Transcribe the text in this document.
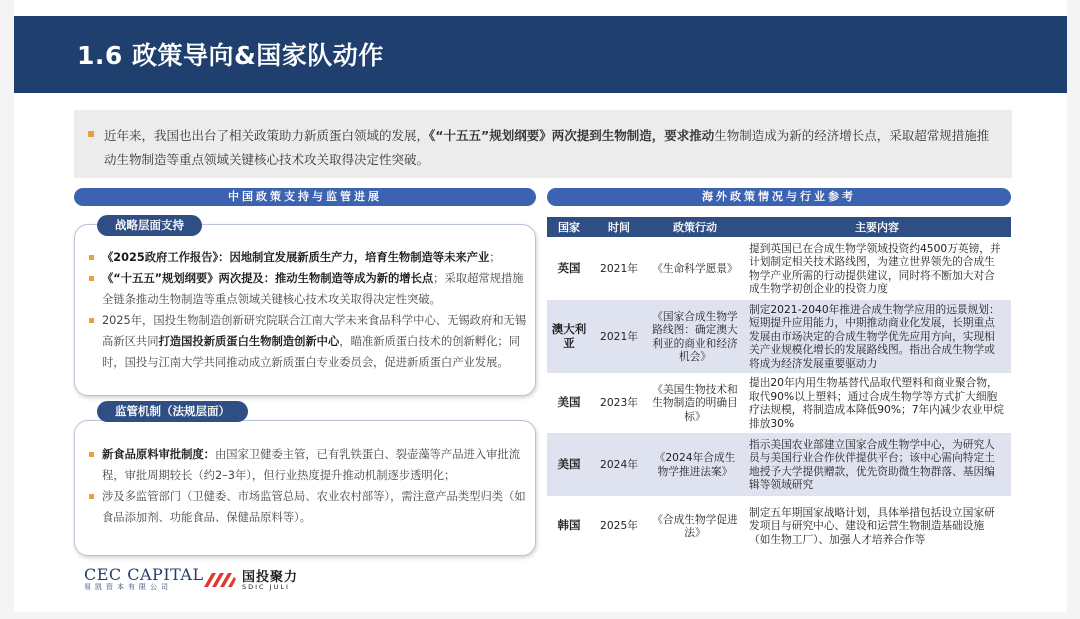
1.6 政策导向&国家队动作
近年来，我国也出台了相关政策助力新质蛋白领域的发展，《“十五五”规划纲要》两次提到生物制造，要求推动生物制造成为新的经济增长点，采取超常规措施推动生物制造等重点领域关键核心技术攻关取得决定性突破。
中国政策支持与监管进展	海外政策情况与行业参考
战略层面支持
《2025政府工作报告》：因地制宜发展新质生产力，培育生物制造等未来产业；
《“十五五”规划纲要》两次提及：推动生物制造等成为新的增长点；采取超常规措施全链条推动生物制造等重点领域关键核心技术攻关取得决定性突破。
2025年，国投生物制造创新研究院联合江南大学未来食品科学中心、无锡政府和无锡高新区共同打造国投新质蛋白生物制造创新中心，瞄准新质蛋白技术的创新孵化；同时，国投与江南大学共同推动成立新质蛋白专业委员会，促进新质蛋白产业发展。
监管机制（法规层面）
新食品原料审批制度：由国家卫健委主管，已有乳铁蛋白、裂壶藻等产品进入审批流程，审批周期较长（约2–3年），但行业热度提升推动机制逐步透明化；
涉及多监管部门（卫健委、市场监管总局、农业农村部等），需注意产品类型归类（如食品添加剂、功能食品、保健品原料等）。
国家	时间	政策行动	主要内容
英国	2021年	《生命科学愿景》	提到英国已在合成生物学领域投资约4500万英镑，并计划制定相关技术路线图，为建立世界领先的合成生物学产业所需的行动提供建议，同时将不断加大对合成生物学初创企业的投资力度
澳大利亚	2021年	《国家合成生物学路线图：确定澳大利亚的商业和经济机会》	制定2021-2040年推进合成生物学应用的远景规划：短期提升应用能力，中期推动商业化发展，长期重点发展由市场决定的合成生物学优先应用方向，实现相关产业规模化增长的发展路线图。指出合成生物学或将成为经济发展重要驱动力
美国	2023年	《美国生物技术和生物制造的明确目标》	提出20年内用生物基替代品取代塑料和商业聚合物，取代90%以上塑料；通过合成生物学等方式扩大细胞疗法规模，将制造成本降低90%；7年内减少农业甲烷排放30%
美国	2024年	《2024年合成生物学推进法案》	指示美国农业部建立国家合成生物学中心，为研究人员与美国行业合作伙伴提供平台；该中心需向特定土地授予大学提供赠款，优先资助微生物群落、基因编辑等领域研究
韩国	2025年	《合成生物学促进法》	制定五年期国家战略计划，具体举措包括设立国家研发项目与研究中心、建设和运营生物制造基础设施（如生物工厂）、加强人才培养合作等
CEC CAPITAL
易凯资本有限公司
国投聚力
SDIC JULI
